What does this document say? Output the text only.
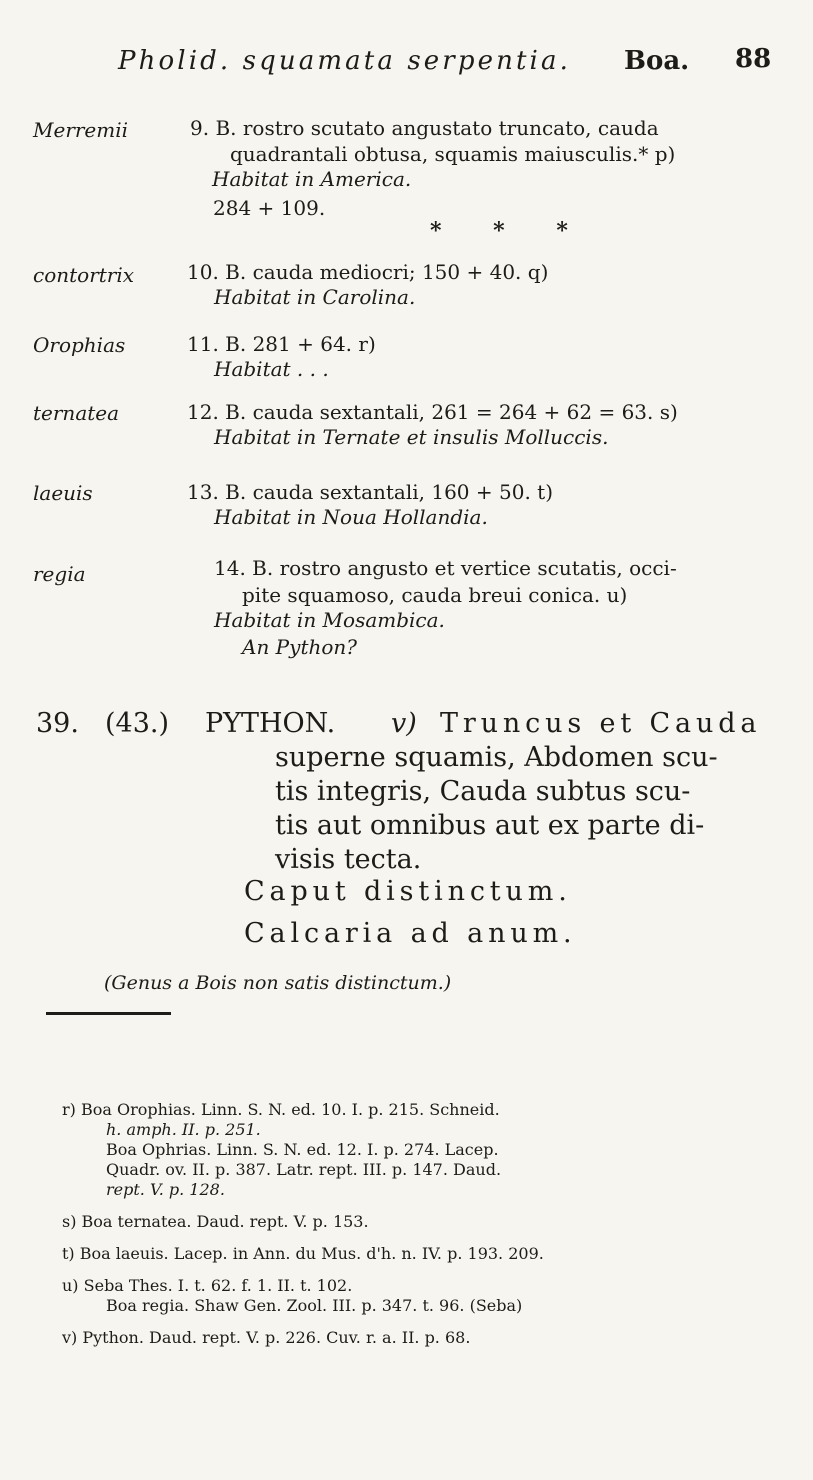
Pholid. squamata serpentia. Boa. 88
Merremii	9. B. rostro scutato angustato truncato, cauda
quadrantali obtusa, squamis maiusculis.* p)
Habitat in America.
284 + 109.
* * *
contortrix	10. B. cauda mediocri; 150 + 40. q)
Habitat in Carolina.
Orophias	11. B. 281 + 64. r)
Habitat . . .
ternatea	12. B. cauda sextantali, 261 = 264 + 62 = 63. s)
Habitat in Ternate et insulis Molluccis.
laeuis	13. B. cauda sextantali, 160 + 50. t)
Habitat in Noua Hollandia.
regia	14. B. rostro angusto et vertice scutatis, occi-
pite squamoso, cauda breui conica. u)
Habitat in Mosambica.
An Python?
39. (43.) PYTHON. v) Truncus et Cauda
superne squamis, Abdomen scu-
tis integris, Cauda subtus scu-
tis aut omnibus aut ex parte di-
visis tecta.
Caput distinctum.
Calcaria ad anum.
(Genus a Bois non satis distinctum.)
r) Boa Orophias. Linn. S. N. ed. 10. I. p. 215. Schneid.
h. amph. II. p. 251.
Boa Ophrias. Linn. S. N. ed. 12. I. p. 274. Lacep.
Quadr. ov. II. p. 387. Latr. rept. III. p. 147. Daud.
rept. V. p. 128.
s) Boa ternatea. Daud. rept. V. p. 153.
t) Boa laeuis. Lacep. in Ann. du Mus. d'h. n. IV. p. 193. 209.
u) Seba Thes. I. t. 62. f. 1. II. t. 102.
Boa regia. Shaw Gen. Zool. III. p. 347. t. 96. (Seba)
v) Python. Daud. rept. V. p. 226. Cuv. r. a. II. p. 68.
